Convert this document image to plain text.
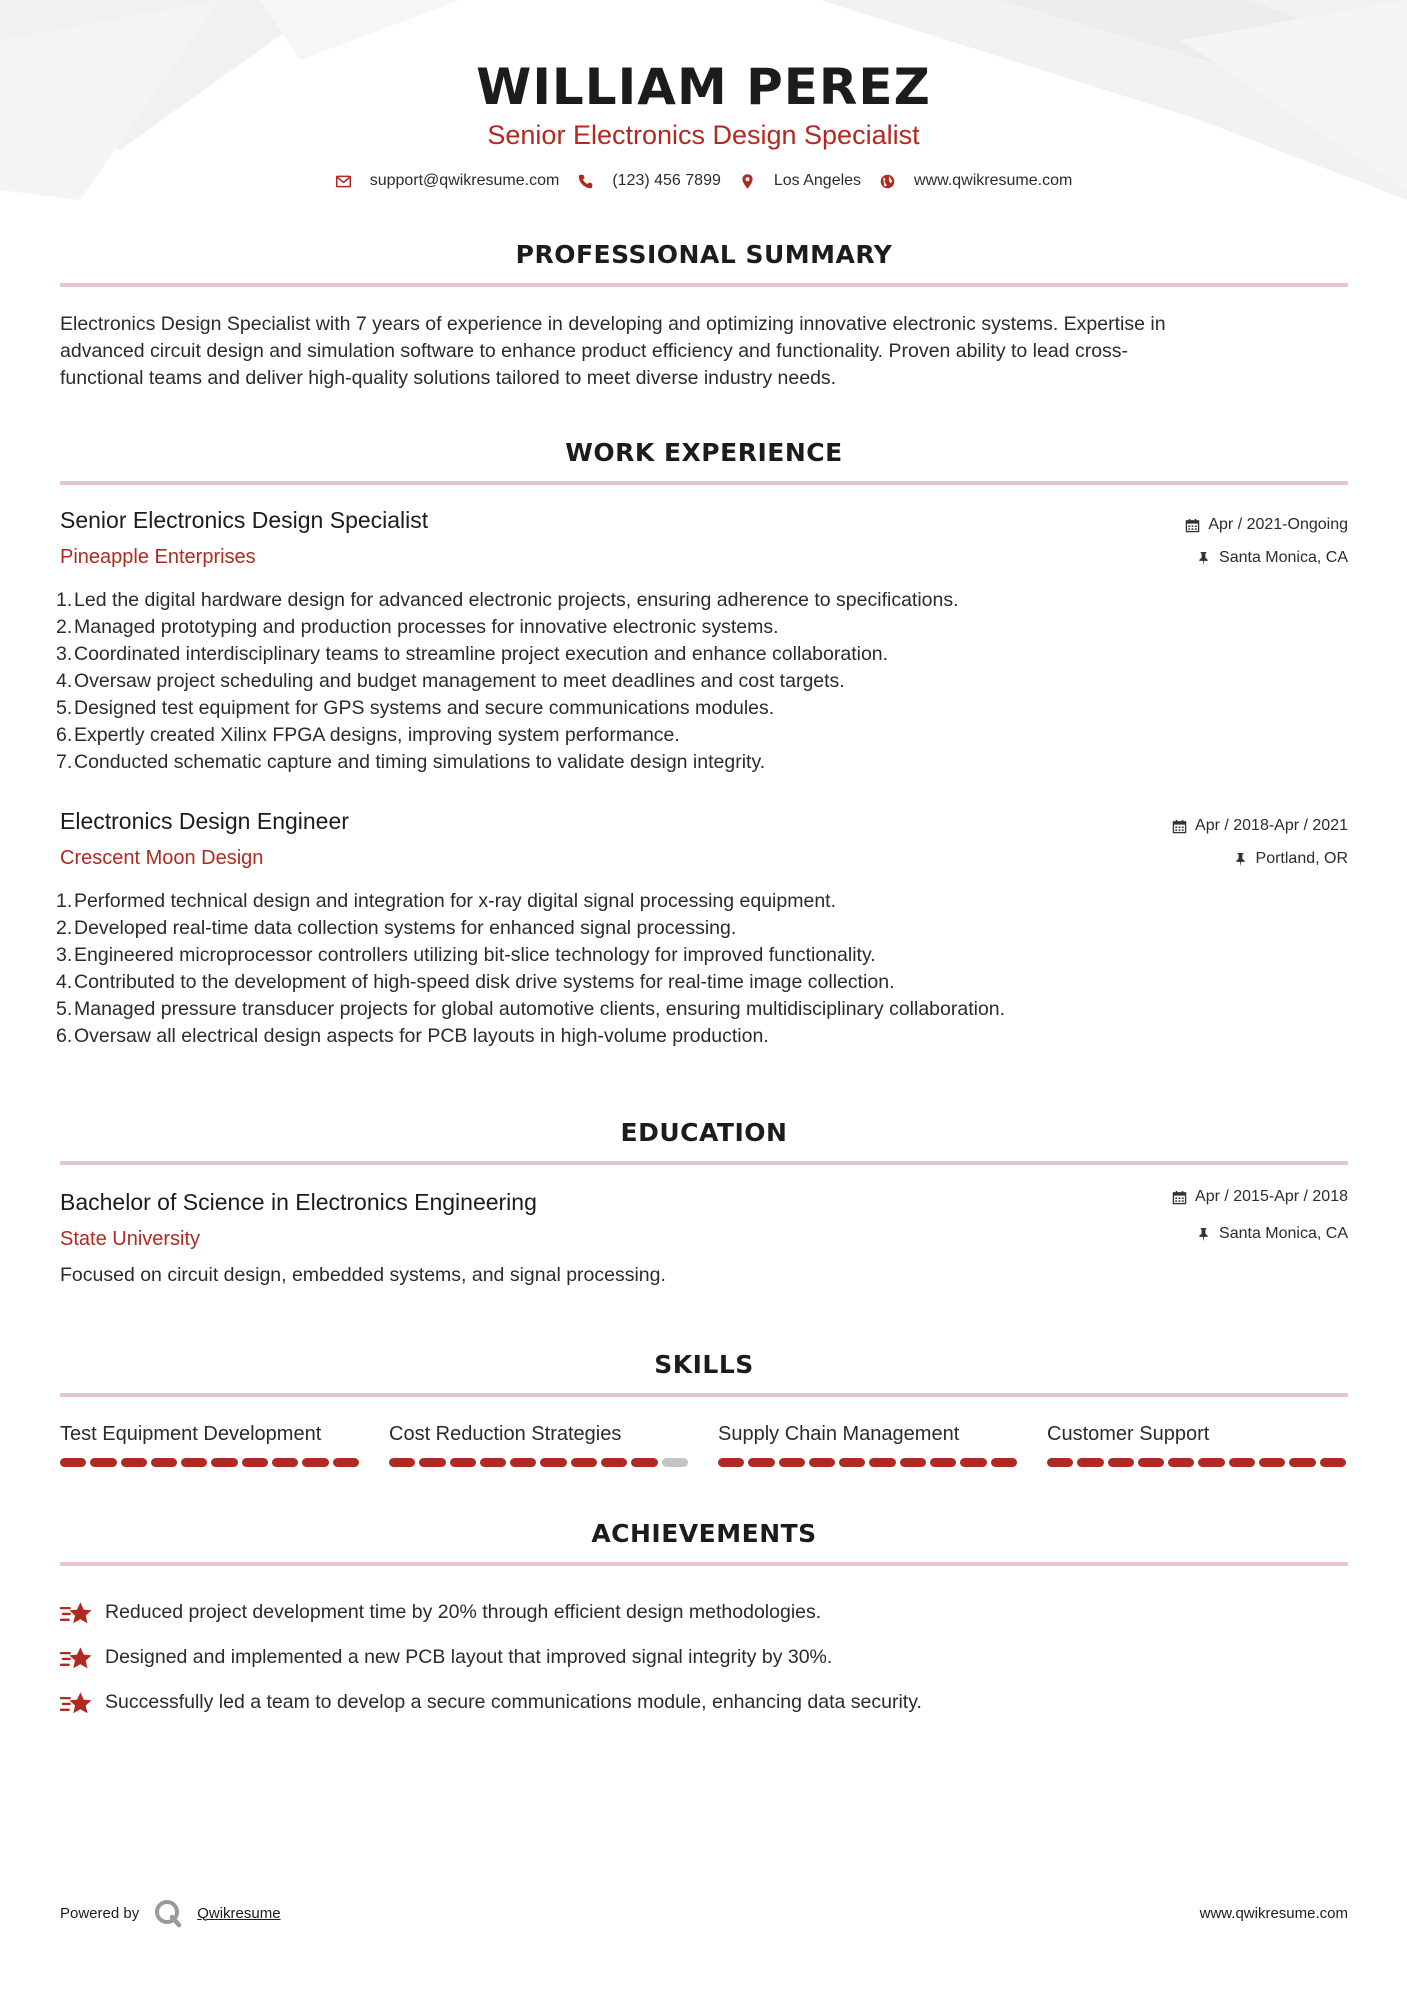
WILLIAM PEREZ
Senior Electronics Design Specialist
support@qwikresume.com	(123) 456 7899	Los Angeles	www.qwikresume.com
PROFESSIONAL SUMMARY
Electronics Design Specialist with 7 years of experience in developing and optimizing innovative electronic systems. Expertise in
advanced circuit design and simulation software to enhance product efficiency and functionality. Proven ability to lead cross-
functional teams and deliver high-quality solutions tailored to meet diverse industry needs.
WORK EXPERIENCE
Senior Electronics Design Specialist
Pineapple Enterprises
Apr / 2021-Ongoing
Santa Monica, CA
1.Led the digital hardware design for advanced electronic projects, ensuring adherence to specifications.
2.Managed prototyping and production processes for innovative electronic systems.
3.Coordinated interdisciplinary teams to streamline project execution and enhance collaboration.
4.Oversaw project scheduling and budget management to meet deadlines and cost targets.
5.Designed test equipment for GPS systems and secure communications modules.
6.Expertly created Xilinx FPGA designs, improving system performance.
7.Conducted schematic capture and timing simulations to validate design integrity.
Electronics Design Engineer
Crescent Moon Design
Apr / 2018-Apr / 2021
Portland, OR
1.Performed technical design and integration for x-ray digital signal processing equipment.
2.Developed real-time data collection systems for enhanced signal processing.
3.Engineered microprocessor controllers utilizing bit-slice technology for improved functionality.
4.Contributed to the development of high-speed disk drive systems for real-time image collection.
5.Managed pressure transducer projects for global automotive clients, ensuring multidisciplinary collaboration.
6.Oversaw all electrical design aspects for PCB layouts in high-volume production.
EDUCATION
Bachelor of Science in Electronics Engineering
State University
Apr / 2015-Apr / 2018
Santa Monica, CA
Focused on circuit design, embedded systems, and signal processing.
SKILLS
Test Equipment Development	Cost Reduction Strategies	Supply Chain Management	Customer Support
ACHIEVEMENTS
Reduced project development time by 20% through efficient design methodologies.
Designed and implemented a new PCB layout that improved signal integrity by 30%.
Successfully led a team to develop a secure communications module, enhancing data security.
Powered by	Qwikresume	www.qwikresume.com
